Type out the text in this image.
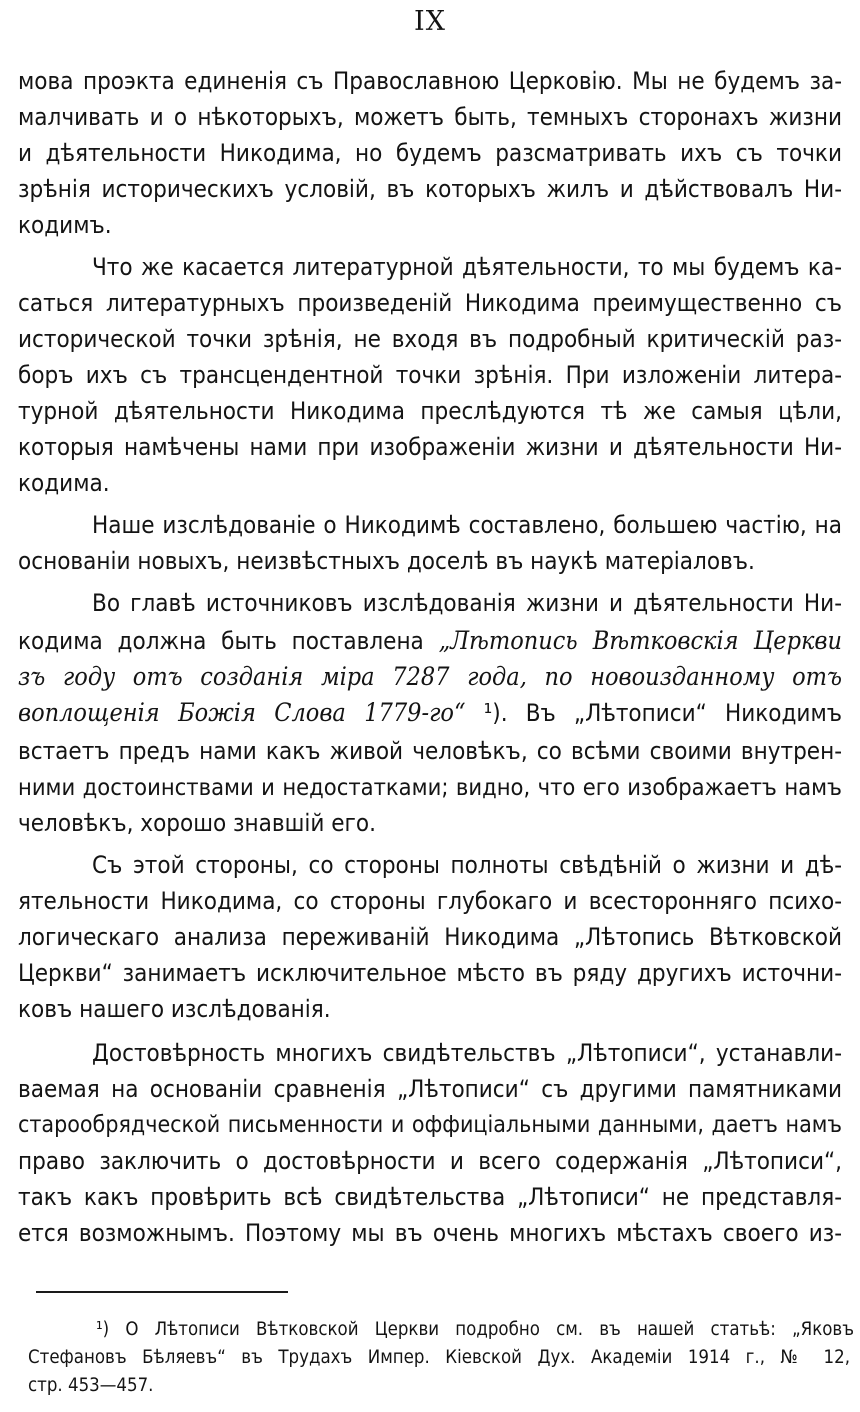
IX
мова проэкта единенія съ Православною Церковію. Мы не будемъ за-
малчивать и о нѣкоторыхъ, можетъ быть, темныхъ сторонахъ жизни
и дѣятельности Никодима, но будемъ разсматривать ихъ съ точки
зрѣнія историческихъ условій, въ которыхъ жилъ и дѣйствовалъ Ни-
кодимъ.
Что же касается литературной дѣятельности, то мы будемъ ка-
саться литературныхъ произведеній Никодима преимущественно съ
исторической точки зрѣнія, не входя въ подробный критическій раз-
боръ ихъ съ трансцендентной точки зрѣнія. При изложеніи литера-
турной дѣятельности Никодима преслѣдуются тѣ же самыя цѣли,
которыя намѣчены нами при изображеніи жизни и дѣятельности Ни-
кодима.
Наше изслѣдованіе о Никодимѣ составлено, большею частію, на
основаніи новыхъ, неизвѣстныхъ доселѣ въ наукѣ матеріаловъ.
Во главѣ источниковъ изслѣдованія жизни и дѣятельности Ни-
кодима должна быть поставлена „Лѣтопись Вѣтковскія Церкви
зъ году отъ созданія міра 7287 года, по новоизданному отъ
воплощенія Божія Слова 1779-го“ ¹). Въ „Лѣтописи“ Никодимъ
встаетъ предъ нами какъ живой человѣкъ, со всѣми своими внутрен-
ними достоинствами и недостатками; видно, что его изображаетъ намъ
человѣкъ, хорошо знавшій его.
Съ этой стороны, со стороны полноты свѣдѣній о жизни и дѣ-
ятельности Никодима, со стороны глубокаго и всесторонняго психо-
логическаго анализа переживаній Никодима „Лѣтопись Вѣтковской
Церкви“ занимаетъ исключительное мѣсто въ ряду другихъ источни-
ковъ нашего изслѣдованія.
Достовѣрность многихъ свидѣтельствъ „Лѣтописи“, устанавли-
ваемая на основаніи сравненія „Лѣтописи“ съ другими памятниками
старообрядческой письменности и оффиціальными данными, даетъ намъ
право заключить о достовѣрности и всего содержанія „Лѣтописи“,
такъ какъ провѣрить всѣ свидѣтельства „Лѣтописи“ не представля-
ется возможнымъ. Поэтому мы въ очень многихъ мѣстахъ своего из-
¹) О Лѣтописи Вѣтковской Церкви подробно см. въ нашей статьѣ: „Яковъ
Стефановъ Бѣляевъ“ въ Трудахъ Импер. Кіевской Дух. Академіи 1914 г., № 12,
стр. 453—457.
